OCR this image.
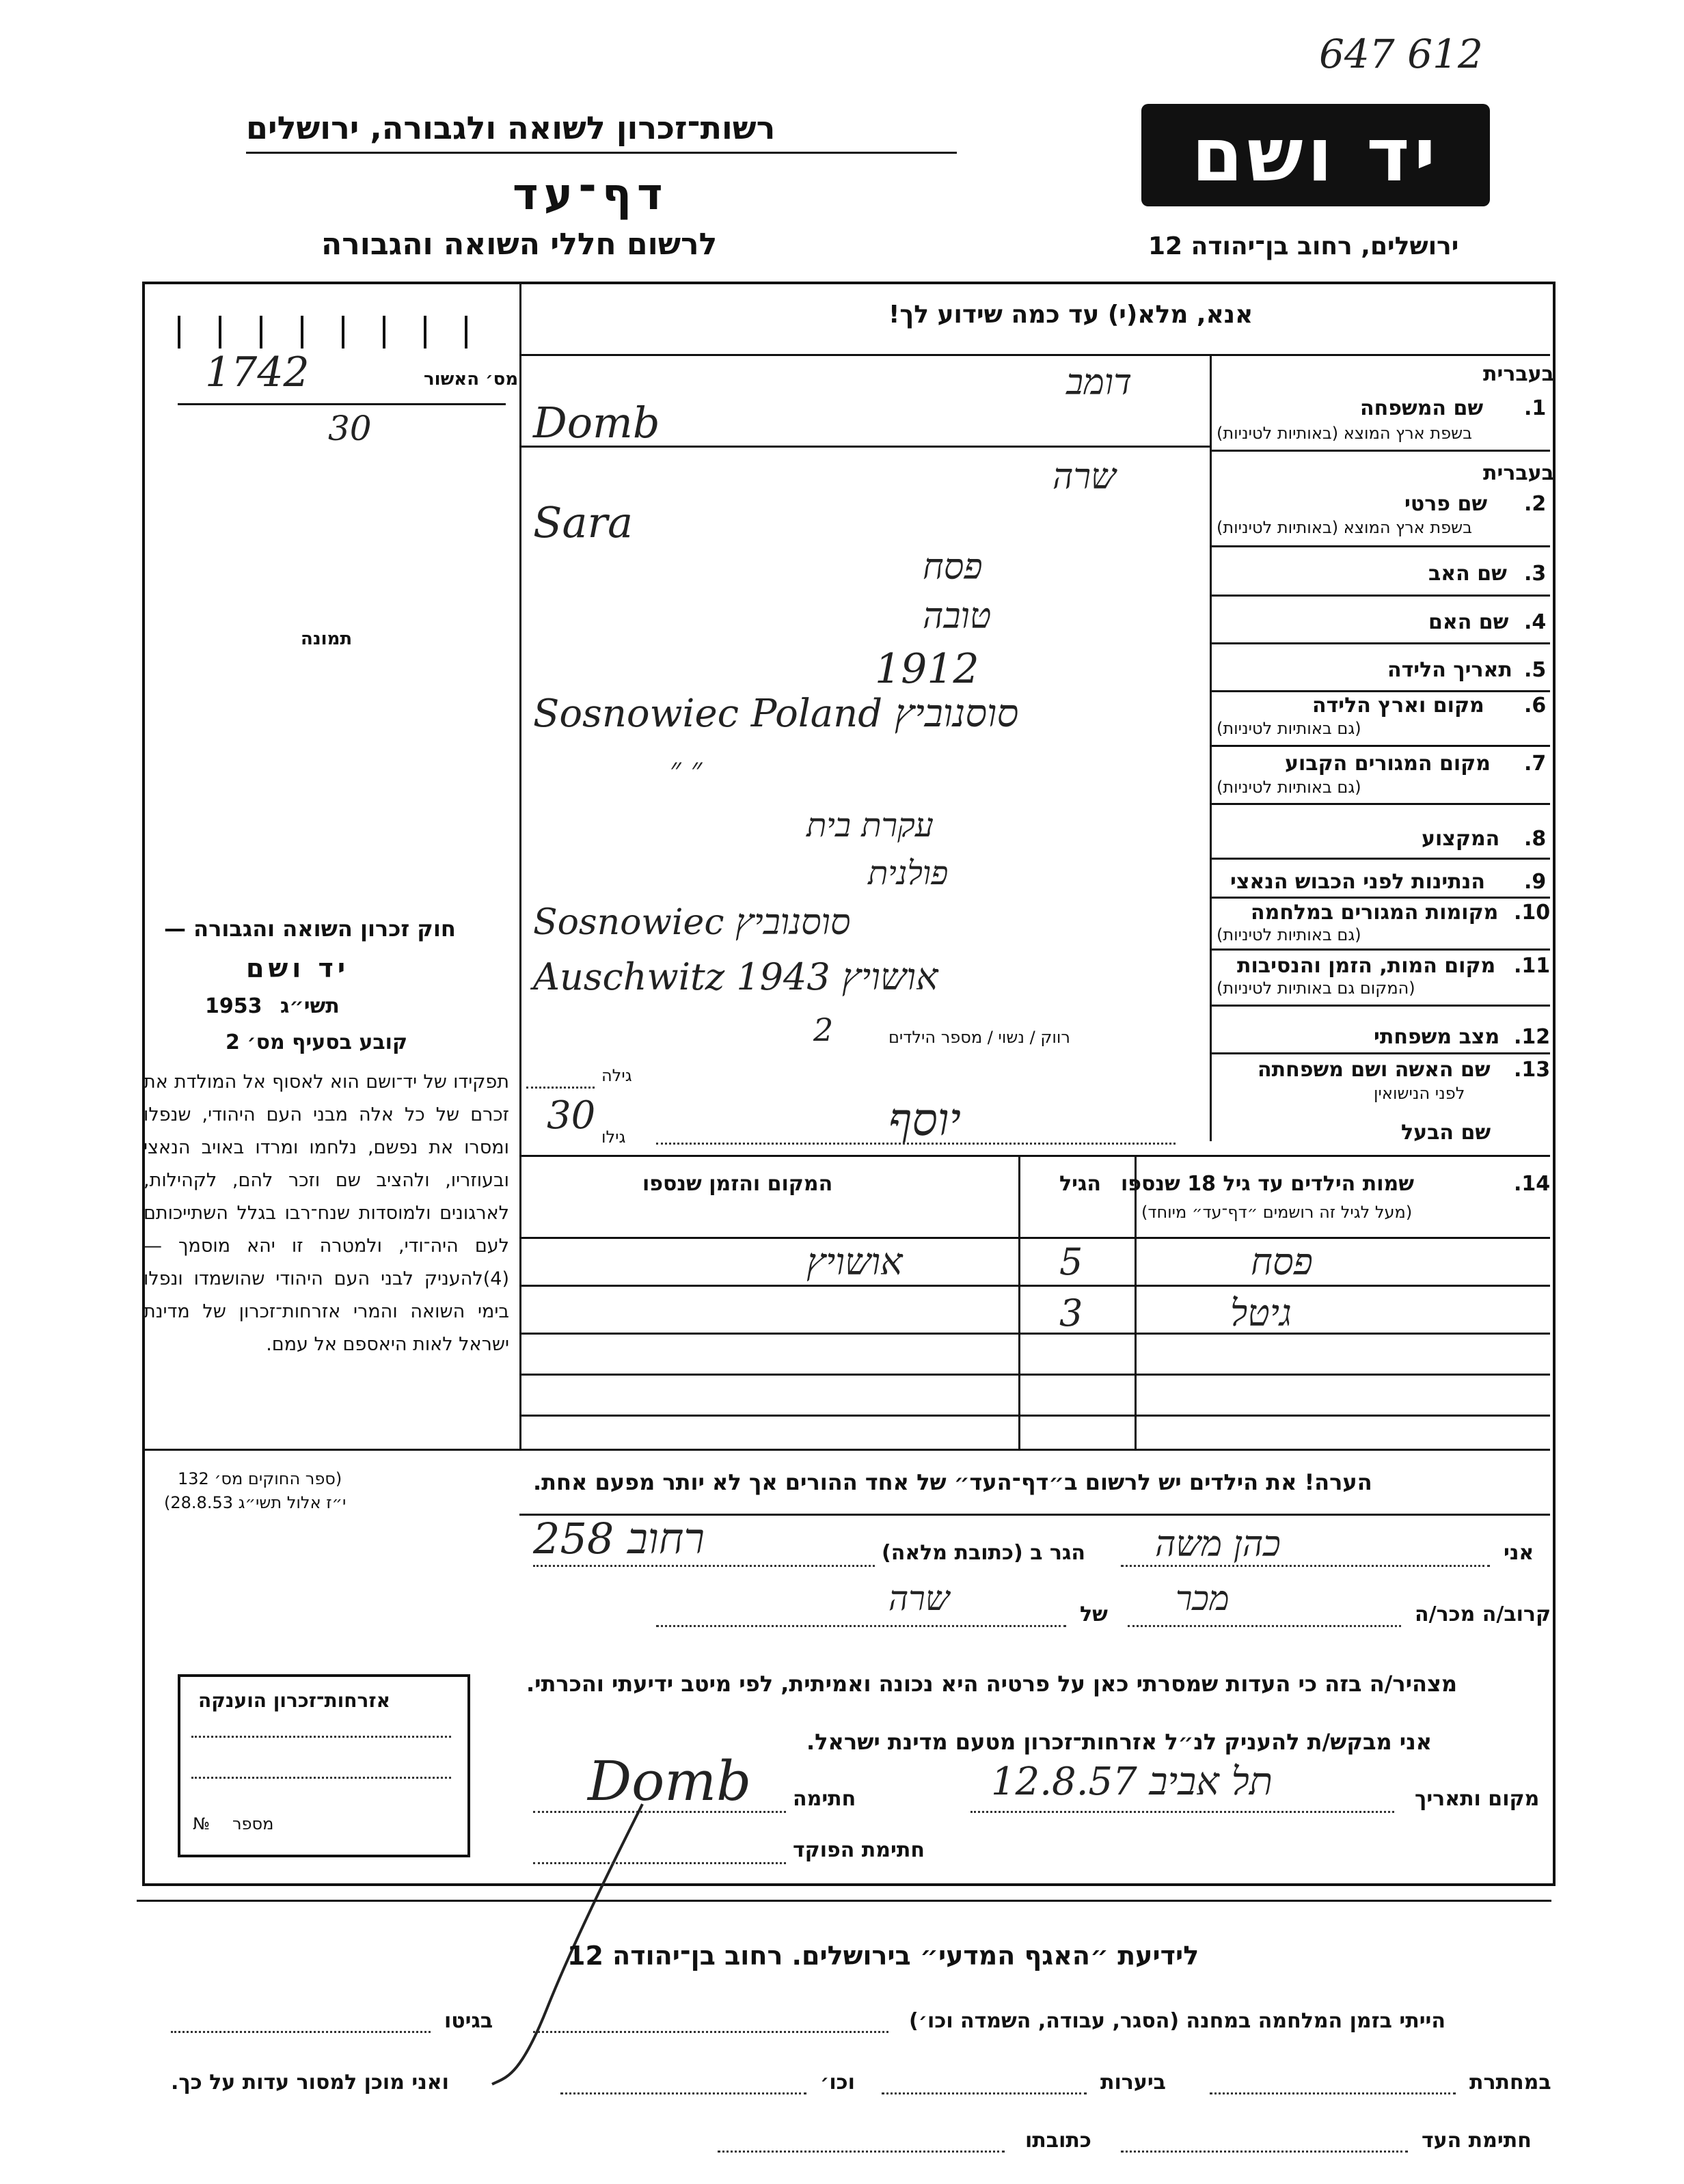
647 612
רשות־זכרון לשואה ולגבורה, ירושלים
דף־עד
לרשום חללי השואה והגבורה
יד ושם
ירושלים, רחוב בן־יהודה 12
אנא, מלא(י) עד כמה שידוע לך!
מס׳ האשור
1742
30
תמונה
חוק זכרון השואה והגבורה —
יד ושם
תשי״ג
1953
קובע בסעיף מס׳ 2
תפקידו של יד־ושם הוא לאסוף אל המולדת את זכרם של כל אלה מבני העם היהודי, שנפלו ומסרו את נפשם, נלחמו ומרדו באויב הנאצי ובעוזריו, ולהציב שם וזכר להם, לקהילות, לארגונים ולמוסדות שנח־רבו בגלל השתייכותם לעם היה־ודי, ולמטרה זו יהא מוסמך — (4)להעניק לבני העם היהודי שהושמדו ונפלו בימי השואה והמרי אזרחות־זכרון של מדינת ישראל לאות היאספם אל עמם.
(ספר החוקים מס׳ 132
י״ז אלול תשי״ג 28.8.53)
בעברית
שם המשפחה 1.
בשפת ארץ המוצא (באותיות לטיניות)
בעברית
שם פרטי 2.
בשפת ארץ המוצא (באותיות לטיניות)
שם האב 3.
שם האם 4.
תאריך הלידה 5.
מקום וארץ הלידה 6.
(גם באותיות לטיניות)
מקום המגורים הקבוע 7.
(גם באותיות לטיניות)
המקצוע 8.
הנתינות לפני הכבוש הנאצי 9.
מקומות המגורים במלחמה 10.
(גם באותיות לטיניות)
מקום המות, הזמן והנסיבות 11.
(המקום גם באותיות לטיניות)
מצב משפחתי 12.
רווק / נשוי / מספר הילדים
2
שם האשה ושם משפחתה 13.
לפני הנישואין
גילה
שם הבעל
גילו
30	יוסף
דומב
Domb
שרה
Sara
פסח
טובה
1912
Sosnowiec Poland סוסנוביץ
״ ״
עקרת בית
פולנית
Sosnowiec סוסנוביץ
Auschwitz 1943 אושויץ
שמות הילדים עד גיל 18 שנספו	14.
(מעל לגיל זה רושמים ״דף־עד״ מיוחד)
הגיל
המקום והזמן שנספו
פסח
5
אושויץ
גיטל
3
הערה! את הילדים יש לרשום ב״דף־העד״ של אחד ההורים אך לא יותר מפעם אחת.
אני
כהן משה
הגר ב (כתובת מלאה)
רחוב 258
קרוב/ה מכר/ה
מכר
של
שרה
מצהיר/ה בזה כי העדות שמסרתי כאן על פרטיה היא נכונה ואמיתית, לפי מיטב ידיעתי והכרתי.
אני מבקש/ת להעניק לנ״ל אזרחות־זכרון מטעם מדינת ישראל.
מקום ותאריך
תל אביב 12.8.57
חתימה
Domb
חתימת הפוקד
אזרחות־זכרון הוענקה
מספר
№
לידיעת ״האגף המדעי״ בירושלים. רחוב בן־יהודה 12
הייתי בזמן המלחמה במחנה (הסגר, עבודה, השמדה וכו׳)
בגיטו
במחתרת
ביערות
וכו׳
ואני מוכן למסור עדות על כך.
חתימת העד
כתובתו
